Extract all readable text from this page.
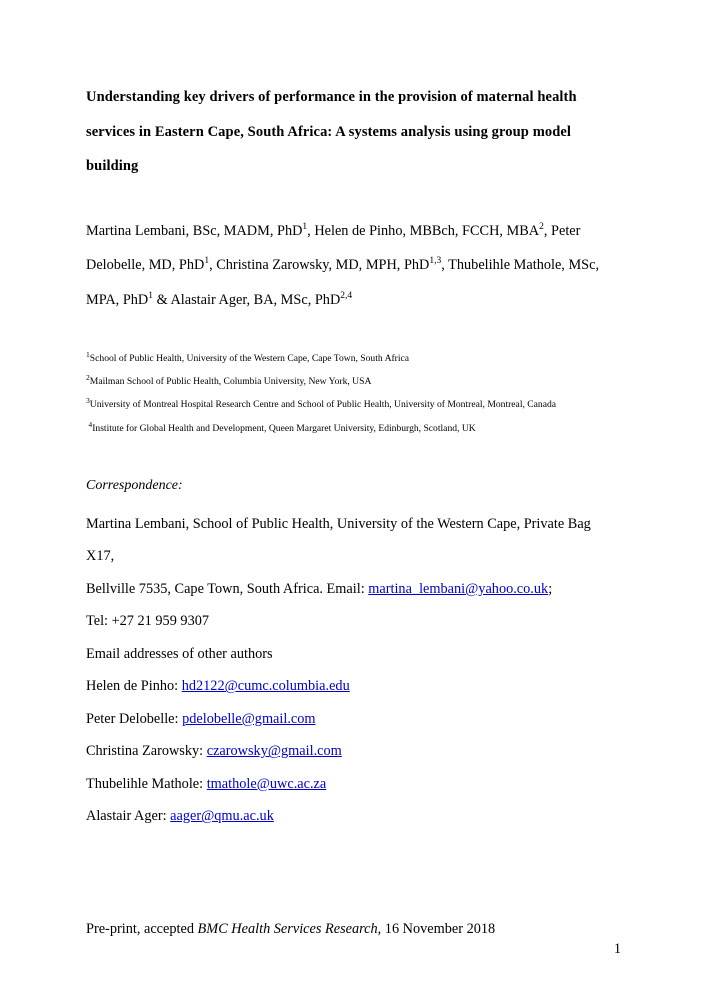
Understanding key drivers of performance in the provision of maternal health services in Eastern Cape, South Africa: A systems analysis using group model building
Martina Lembani, BSc, MADM, PhD$^1$, Helen de Pinho, MBBch, FCCH, MBA$^2$, Peter Delobelle, MD, PhD$^1$, Christina Zarowsky, MD, MPH, PhD$^{1,3}$, Thubelihle Mathole, MSc, MPA, PhD$^1$ & Alastair Ager, BA, MSc, PhD$^{2,4}$
$^1$School of Public Health, University of the Western Cape, Cape Town, South Africa
$^2$Mailman School of Public Health, Columbia University, New York, USA
$^3$University of Montreal Hospital Research Centre and School of Public Health, University of Montreal, Montreal, Canada
$^4$Institute for Global Health and Development, Queen Margaret University, Edinburgh, Scotland, UK
Correspondence:
Martina Lembani, School of Public Health, University of the Western Cape, Private Bag X17,
Bellville 7535, Cape Town, South Africa. Email: martina_lembani@yahoo.co.uk;
Tel: +27 21 959 9307
Email addresses of other authors
Helen de Pinho: hd2122@cumc.columbia.edu
Peter Delobelle: pdelobelle@gmail.com
Christina Zarowsky: czarowsky@gmail.com
Thubelihle Mathole: tmathole@uwc.ac.za
Alastair Ager: aager@qmu.ac.uk
Pre-print, accepted BMC Health Services Research, 16 November 2018
1
